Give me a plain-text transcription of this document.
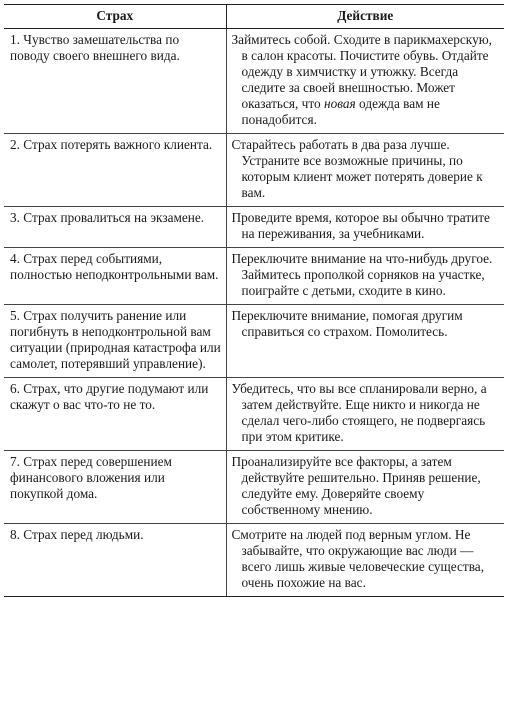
Страх	Действие

1. Чувство замешательства по поводу своего внешнего вида.	Займитесь собой. Сходите в парикмахерскую, в салон красоты. Почистите обувь. Отдайте одежду в химчистку и утюжку. Всегда следите за своей внешностью. Может оказаться, что новая одежда вам не понадобится.

2. Страх потерять важного клиента.	Старайтесь работать в два раза лучше. Устраните все возможные причины, по которым клиент может потерять доверие к вам.

3. Страх провалиться на экзамене.	Проведите время, которое вы обычно тратите на переживания, за учебниками.

4. Страх перед событиями, полностью неподконтрольными вам.	Переключите внимание на что-нибудь другое. Займитесь прополкой сорняков на участке, поиграйте с детьми, сходите в кино.

5. Страх получить ранение или погибнуть в неподконтрольной вам ситуации (природная катастрофа или самолет, потерявший управление).	Переключите внимание, помогая другим справиться со страхом. Помолитесь.

6. Страх, что другие подумают или скажут о вас что-то не то.	Убедитесь, что вы все спланировали верно, а затем действуйте. Еще никто и никогда не сделал чего-либо стоящего, не подвергаясь при этом критике.

7. Страх перед совершением финансового вложения или покупкой дома.	Проанализируйте все факторы, а затем действуйте решительно. Приняв решение, следуйте ему. Доверяйте своему собственному мнению.

8. Страх перед людьми.	Смотрите на людей под верным углом. Не забывайте, что окружающие вас люди — всего лишь живые человеческие существа, очень похожие на вас.
